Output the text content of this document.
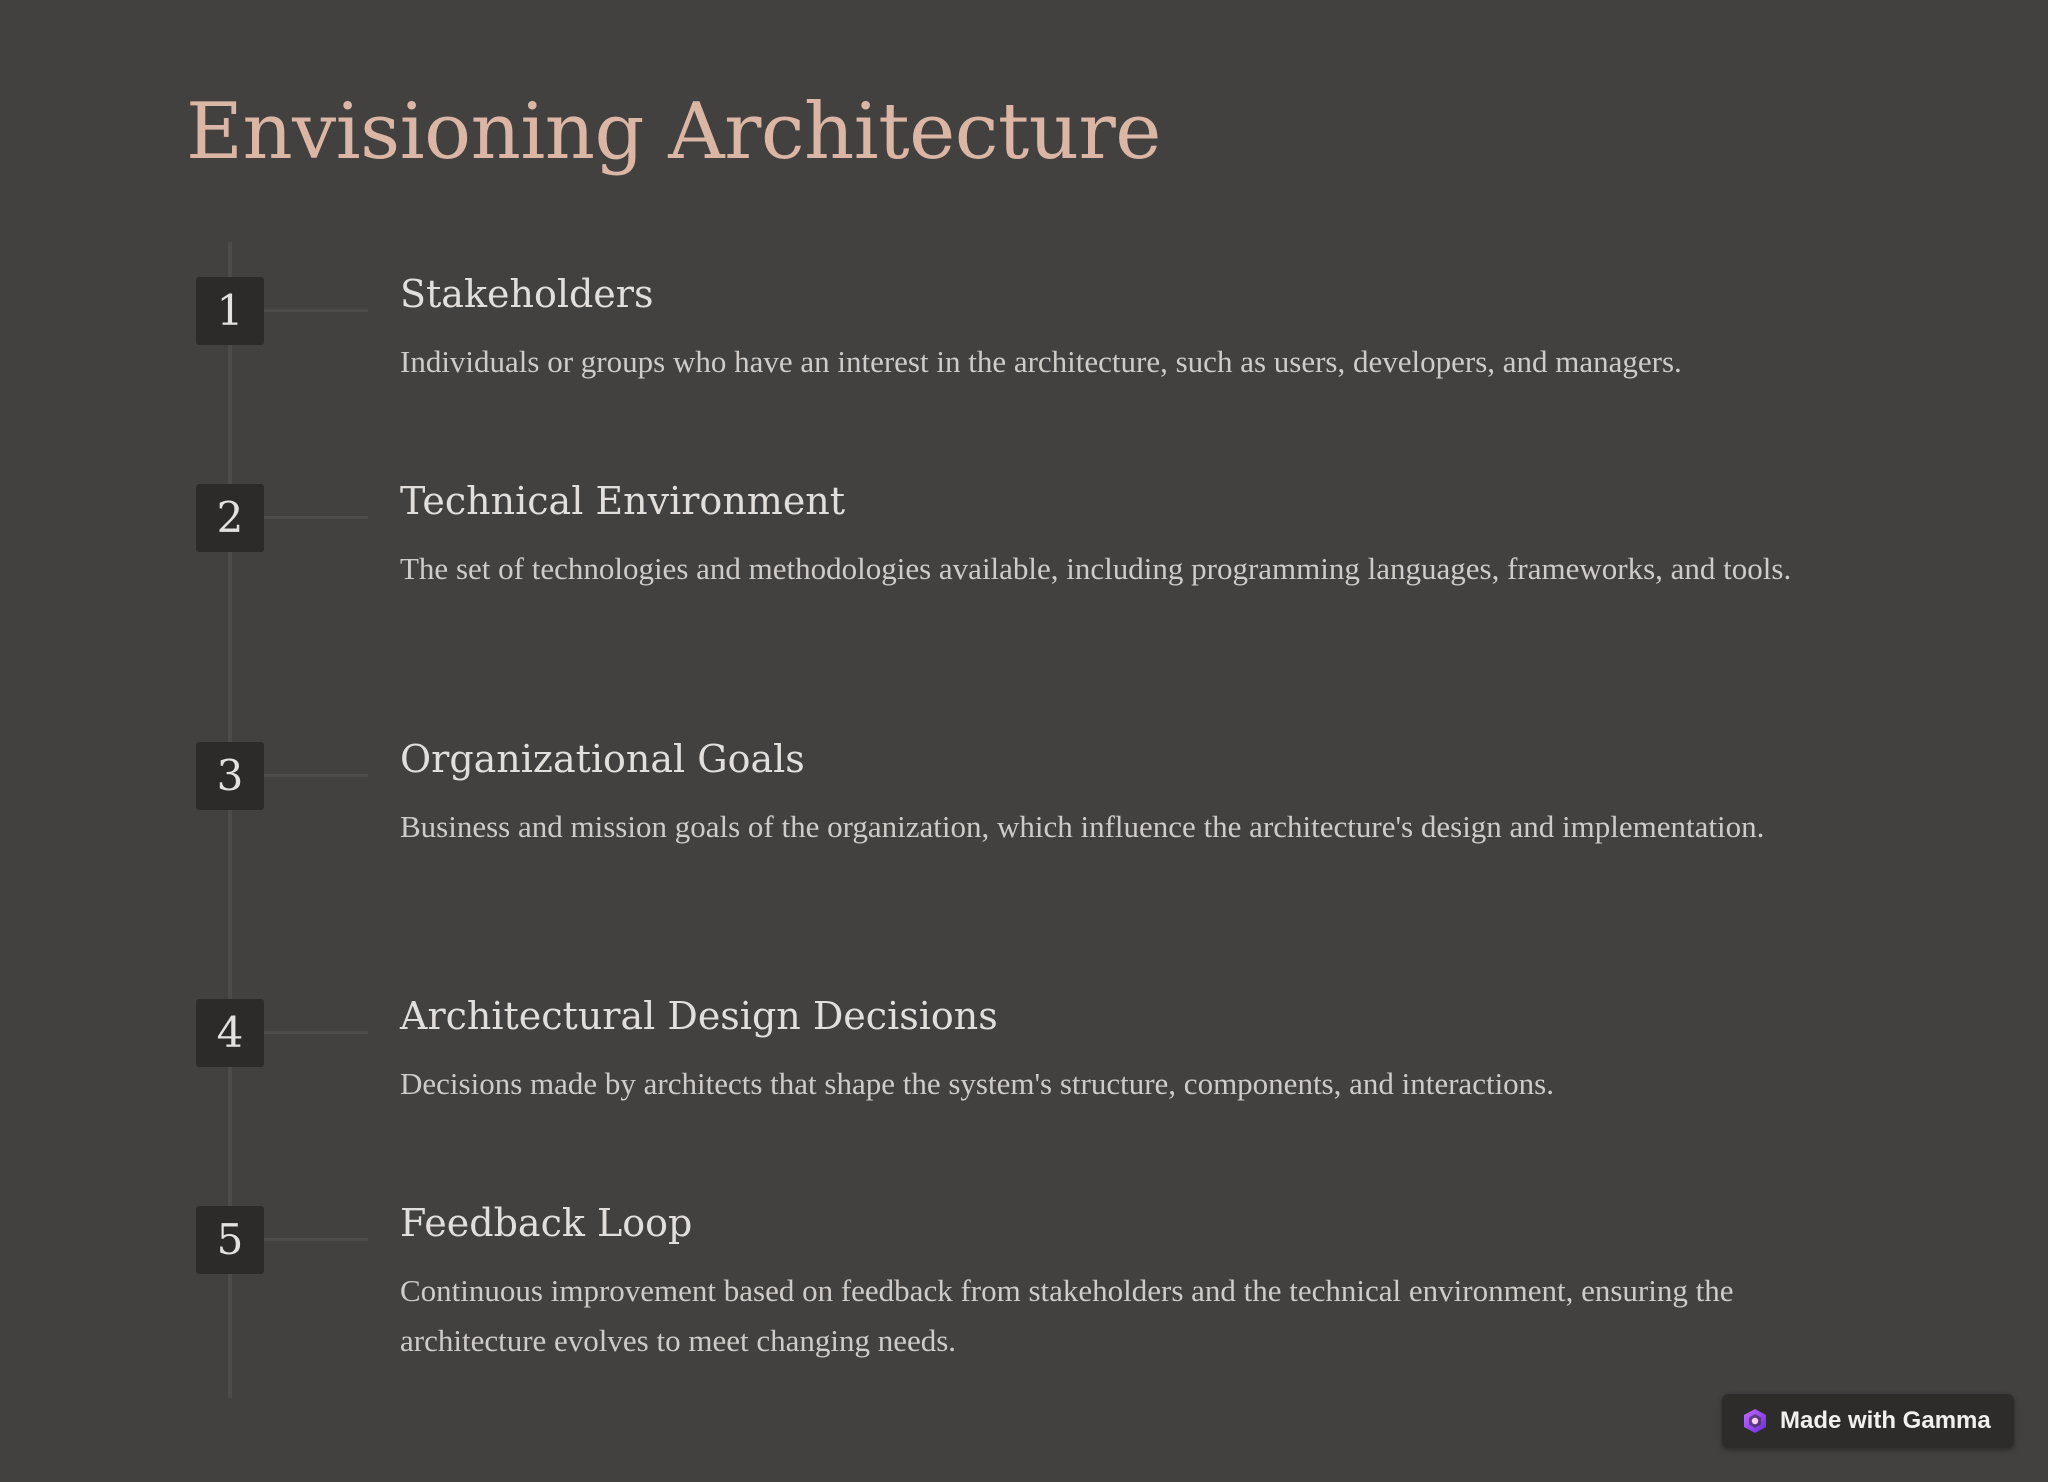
Envisioning Architecture
1	Stakeholders

Individuals or groups who have an interest in the architecture, such as users, developers, and managers.

2	Technical Environment

The set of technologies and methodologies available, including programming languages, frameworks, and tools.

3	Organizational Goals

Business and mission goals of the organization, which influence the architecture's design and implementation.

4	Architectural Design Decisions

Decisions made by architects that shape the system's structure, components, and interactions.

5	Feedback Loop

Continuous improvement based on feedback from stakeholders and the technical environment, ensuring the architecture evolves to meet changing needs.

Made with Gamma
